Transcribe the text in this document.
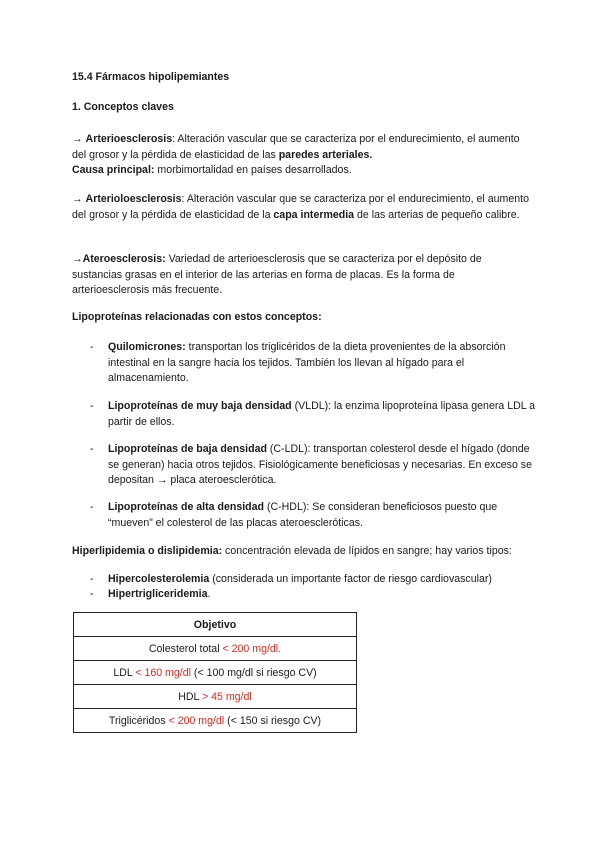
15.4 Fármacos hipolipemiantes

1. Conceptos claves

→ Arterioesclerosis: Alteración vascular que se caracteriza por el endurecimiento, el aumento del grosor y la pérdida de elasticidad de las paredes arteriales.
Causa principal: morbimortalidad en países desarrollados.

→ Arterioloesclerosis: Alteración vascular que se caracteriza por el endurecimiento, el aumento del grosor y la pérdida de elasticidad de la capa intermedia de las arterias de pequeño calibre.

→Ateroesclerosis: Variedad de arterioesclerosis que se caracteriza por el depósito de sustancias grasas en el interior de las arterias en forma de placas. Es la forma de arterioesclerosis más frecuente.

Lipoproteínas relacionadas con estos conceptos:

- Quilomicrones: transportan los triglicéridos de la dieta provenientes de la absorción intestinal en la sangre hacia los tejidos. También los llevan al hígado para el almacenamiento.
- Lipoproteínas de muy baja densidad (VLDL): la enzima lipoproteína lipasa genera LDL a partir de ellos.
- Lipoproteínas de baja densidad (C-LDL): transportan colesterol desde el hígado (donde se generan) hacia otros tejidos. Fisiológicamente beneficiosas y necesarias. En exceso se depositan → placa ateroesclerótica.
- Lipoproteínas de alta densidad (C-HDL): Se consideran beneficiosos puesto que “mueven” el colesterol de las placas ateroescleróticas.

Hiperlipidemia o dislipidemia: concentración elevada de lípidos en sangre; hay varios tipos:

- Hipercolesterolemia (considerada un importante factor de riesgo cardiovascular)
- Hipertrigliceridemia.
Objetivo
Colesterol total < 200 mg/dl.
LDL < 160 mg/dl (< 100 mg/dl si riesgo CV)
HDL > 45 mg/dl
Triglicéridos < 200 mg/dl (< 150 si riesgo CV)
